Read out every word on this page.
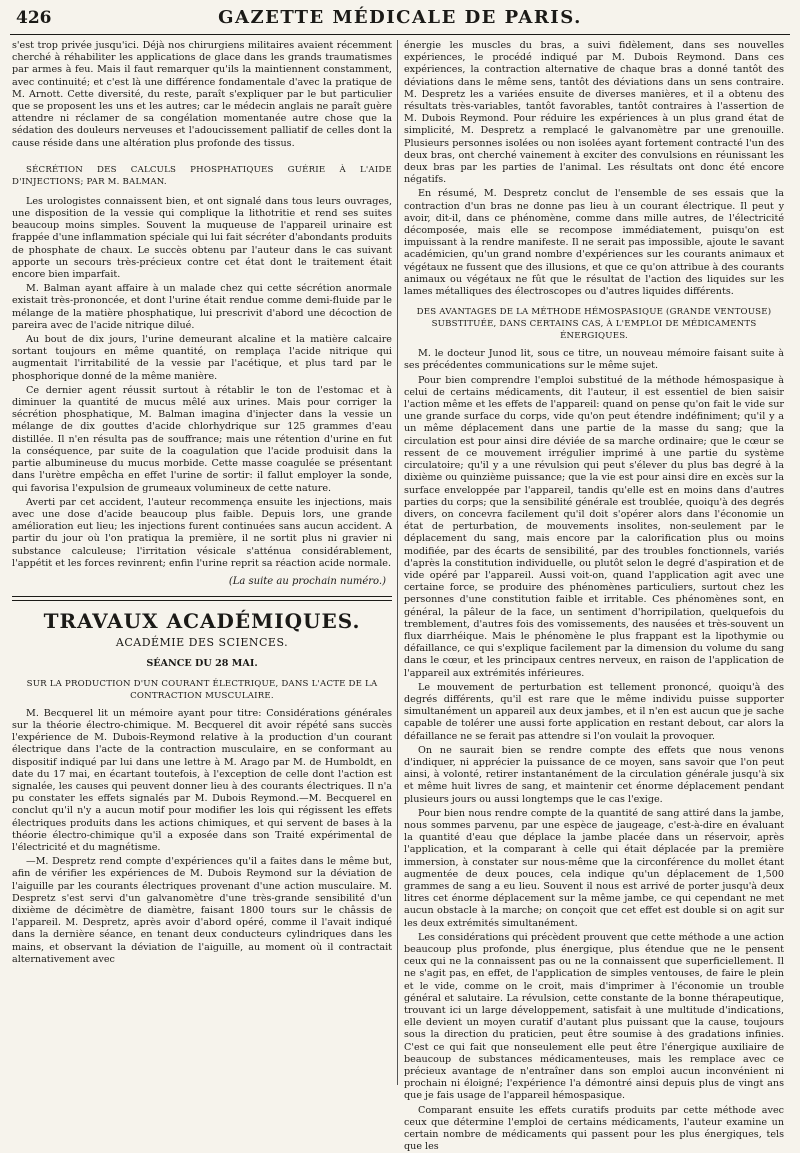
426	GAZETTE MÉDICALE DE PARIS.

s'est trop privée jusqu'ici. Déjà nos chirurgiens militaires avaient récemment cherché à réhabiliter les applications de glace dans les grands traumatismes par armes à feu. Mais il faut remarquer qu'ils la maintiennent constamment, avec continuité; et c'est là une différence fondamentale d'avec la pratique de M. Arnott. Cette diversité, du reste, paraît s'expliquer par le but particulier que se proposent les uns et les autres; car le médecin anglais ne paraît guère attendre ni réclamer de sa congélation momentanée autre chose que la sédation des douleurs nerveuses et l'adoucissement palliatif de celles dont la cause réside dans une altération plus profonde des tissus.

SÉCRÉTION DES CALCULS PHOSPHATIQUES GUÉRIE À L'AIDE D'INJECTIONS; PAR M. BALMAN.

Les urologistes connaissent bien, et ont signalé dans tous leurs ouvrages, une disposition de la vessie qui complique la lithotritie et rend ses suites beaucoup moins simples. Souvent la muqueuse de l'appareil urinaire est frappée d'une inflammation spéciale qui lui fait sécréter d'abondants produits de phosphate de chaux. Le succès obtenu par l'auteur dans le cas suivant apporte un secours très-précieux contre cet état dont le traitement était encore bien imparfait.

M. Balman ayant affaire à un malade chez qui cette sécrétion anormale existait très-prononcée, et dont l'urine était rendue comme demi-fluide par le mélange de la matière phosphatique, lui prescrivit d'abord une décoction de pareira avec de l'acide nitrique dilué.

Au bout de dix jours, l'urine demeurant alcaline et la matière calcaire sortant toujours en même quantité, on remplaça l'acide nitrique qui augmentait l'irritabilité de la vessie par l'acétique, et plus tard par le phosphorique donné de la même manière.

Ce dernier agent réussit surtout à rétablir le ton de l'estomac et à diminuer la quantité de mucus mêlé aux urines. Mais pour corriger la sécrétion phosphatique, M. Balman imagina d'injecter dans la vessie un mélange de dix gouttes d'acide chlorhydrique sur 125 grammes d'eau distillée. Il n'en résulta pas de souffrance; mais une rétention d'urine en fut la conséquence, par suite de la coagulation que l'acide produisit dans la partie albumineuse du mucus morbide. Cette masse coagulée se présentant dans l'urètre empêcha en effet l'urine de sortir: il fallut employer la sonde, qui favorisa l'expulsion de grumeaux volumineux de cette nature.

Averti par cet accident, l'auteur recommença ensuite les injections, mais avec une dose d'acide beaucoup plus faible. Depuis lors, une grande amélioration eut lieu; les injections furent continuées sans aucun accident. A partir du jour où l'on pratiqua la première, il ne sortit plus ni gravier ni substance calculeuse; l'irritation vésicale s'atténua considérablement, l'appétit et les forces revinrent; enfin l'urine reprit sa réaction acide normale.

(La suite au prochain numéro.)
TRAVAUX ACADÉMIQUES.
ACADÉMIE DES SCIENCES.
SÉANCE DU 28 MAI.
SUR LA PRODUCTION D'UN COURANT ÉLECTRIQUE, DANS L'ACTE DE LA CONTRACTION MUSCULAIRE.

M. Becquerel lit un mémoire ayant pour titre: Considérations générales sur la théorie électro-chimique. M. Becquerel dit avoir répété sans succès l'expérience de M. Dubois-Reymond relative à la production d'un courant électrique dans l'acte de la contraction musculaire, en se conformant au dispositif indiqué par lui dans une lettre à M. Arago par M. de Humboldt, en date du 17 mai, en écartant toutefois, à l'exception de celle dont l'action est signalée, les causes qui peuvent donner lieu à des courants électriques. Il n'a pu constater les effets signalés par M. Dubois Reymond.—M. Becquerel en conclut qu'il n'y a aucun motif pour modifier les lois qui régissent les effets électriques produits dans les actions chimiques, et qui servent de bases à la théorie électro-chimique qu'il a exposée dans son Traité expérimental de l'électricité et du magnétisme.

—M. Despretz rend compte d'expériences qu'il a faites dans le même but, afin de vérifier les expériences de M. Dubois Reymond sur la déviation de l'aiguille par les courants électriques provenant d'une action musculaire. M. Despretz s'est servi d'un galvanomètre d'une très-grande sensibilité d'un dixième de décimètre de diamètre, faisant 1800 tours sur le châssis de l'appareil. M. Despretz, après avoir d'abord opéré, comme il l'avait indiqué dans la dernière séance, en tenant deux conducteurs cylindriques dans les mains, et observant la déviation de l'aiguille, au moment où il contractait alternativement avec

énergie les muscles du bras, a suivi fidèlement, dans ses nouvelles expériences, le procédé indiqué par M. Dubois Reymond. Dans ces expériences, la contraction alternative de chaque bras a donné tantôt des déviations dans le même sens, tantôt des déviations dans un sens contraire. M. Despretz les a variées ensuite de diverses manières, et il a obtenu des résultats très-variables, tantôt favorables, tantôt contraires à l'assertion de M. Dubois Reymond. Pour réduire les expériences à un plus grand état de simplicité, M. Despretz a remplacé le galvanomètre par une grenouille. Plusieurs personnes isolées ou non isolées ayant fortement contracté l'un des deux bras, ont cherché vainement à exciter des convulsions en réunissant les deux bras par les parties de l'animal. Les résultats ont donc été encore négatifs.

En résumé, M. Despretz conclut de l'ensemble de ses essais que la contraction d'un bras ne donne pas lieu à un courant électrique. Il peut y avoir, dit-il, dans ce phénomène, comme dans mille autres, de l'électricité décomposée, mais elle se recompose immédiatement, puisqu'on est impuissant à la rendre manifeste. Il ne serait pas impossible, ajoute le savant académicien, qu'un grand nombre d'expériences sur les courants animaux et végétaux ne fussent que des illusions, et que ce qu'on attribue à des courants animaux ou végétaux ne fût que le résultat de l'action des liquides sur les lames métalliques des électroscopes ou d'autres liquides différents.

DES AVANTAGES DE LA MÉTHODE HÉMOSPASIQUE (GRANDE VENTOUSE) SUBSTITUÉE, DANS CERTAINS CAS, À L'EMPLOI DE MÉDICAMENTS ÉNERGIQUES.

M. le docteur Junod lit, sous ce titre, un nouveau mémoire faisant suite à ses précédentes communications sur le même sujet.

Pour bien comprendre l'emploi substitué de la méthode hémospasique à celui de certains médicaments, dit l'auteur, il est essentiel de bien saisir l'action même et les effets de l'appareil: quand on pense qu'on fait le vide sur une grande surface du corps, vide qu'on peut étendre indéfiniment; qu'il y a un même déplacement dans une partie de la masse du sang; que la circulation est pour ainsi dire déviée de sa marche ordinaire; que le cœur se ressent de ce mouvement irrégulier imprimé à une partie du système circulatoire; qu'il y a une révulsion qui peut s'élever du plus bas degré à la dixième ou quinzième puissance; que la vie est pour ainsi dire en excès sur la surface enveloppée par l'appareil, tandis qu'elle est en moins dans d'autres parties du corps; que la sensibilité générale est troublée, quoiqu'à des degrés divers, on concevra facilement qu'il doit s'opérer alors dans l'économie un état de perturbation, de mouvements insolites, non-seulement par le déplacement du sang, mais encore par la calorification plus ou moins modifiée, par des écarts de sensibilité, par des troubles fonctionnels, variés d'après la constitution individuelle, ou plutôt selon le degré d'aspiration et de vide opéré par l'appareil. Aussi voit-on, quand l'application agit avec une certaine force, se produire des phénomènes particuliers, surtout chez les personnes d'une constitution faible et irritable. Ces phénomènes sont, en général, la pâleur de la face, un sentiment d'horripilation, quelquefois du tremblement, d'autres fois des vomissements, des nausées et très-souvent un flux diarrhéique. Mais le phénomène le plus frappant est la lipothymie ou défaillance, ce qui s'explique facilement par la dimension du volume du sang dans le cœur, et les principaux centres nerveux, en raison de l'application de l'appareil aux extrémités inférieures.

Le mouvement de perturbation est tellement prononcé, quoiqu'à des degrés différents, qu'il est rare que le même individu puisse supporter simultanément un appareil aux deux jambes, et il n'en est aucun que je sache capable de tolérer une aussi forte application en restant debout, car alors la défaillance ne se ferait pas attendre si l'on voulait la provoquer.

On ne saurait bien se rendre compte des effets que nous venons d'indiquer, ni apprécier la puissance de ce moyen, sans savoir que l'on peut ainsi, à volonté, retirer instantanément de la circulation générale jusqu'à six et même huit livres de sang, et maintenir cet énorme déplacement pendant plusieurs jours ou aussi longtemps que le cas l'exige.

Pour bien nous rendre compte de la quantité de sang attiré dans la jambe, nous sommes parvenu, par une espèce de jaugeage, c'est-à-dire en évaluant la quantité d'eau que déplace la jambe placée dans un réservoir, après l'application, et la comparant à celle qui était déplacée par la première immersion, à constater sur nous-même que la circonférence du mollet étant augmentée de deux pouces, cela indique qu'un déplacement de 1,500 grammes de sang a eu lieu. Souvent il nous est arrivé de porter jusqu'à deux litres cet énorme déplacement sur la même jambe, ce qui cependant ne met aucun obstacle à la marche; on conçoit que cet effet est double si on agit sur les deux extrémités simultanément.

Les considérations qui précèdent prouvent que cette méthode a une action beaucoup plus profonde, plus énergique, plus étendue que ne le pensent ceux qui ne la connaissent pas ou ne la connaissent que superficiellement. Il ne s'agit pas, en effet, de l'application de simples ventouses, de faire le plein et le vide, comme on le croit, mais d'imprimer à l'économie un trouble général et salutaire. La révulsion, cette constante de la bonne thérapeutique, trouvant ici un large développement, satisfait à une multitude d'indications, elle devient un moyen curatif d'autant plus puissant que la cause, toujours sous la direction du praticien, peut être soumise à des gradations infinies. C'est ce qui fait que nonseulement elle peut être l'énergique auxiliaire de beaucoup de substances médicamenteuses, mais les remplace avec ce précieux avantage de n'entraîner dans son emploi aucun inconvénient ni prochain ni éloigné; l'expérience l'a démontré ainsi depuis plus de vingt ans que je fais usage de l'appareil hémospasique.

Comparant ensuite les effets curatifs produits par cette méthode avec ceux que détermine l'emploi de certains médicaments, l'auteur examine un certain nombre de médicaments qui passent pour les plus énergiques, tels que les
